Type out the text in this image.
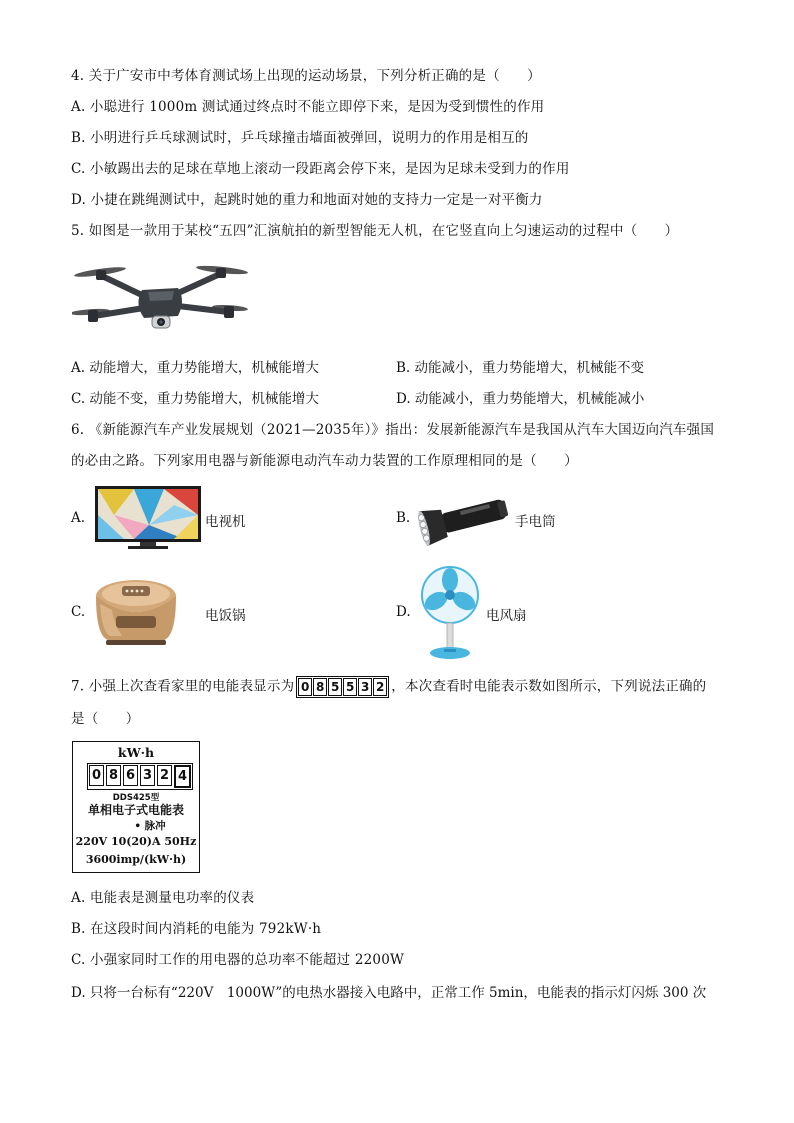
4. 关于广安市中考体育测试场上出现的运动场景，下列分析正确的是（　　）
A. 小聪进行 1000m 测试通过终点时不能立即停下来，是因为受到惯性的作用
B. 小明进行乒乓球测试时，乒乓球撞击墙面被弹回，说明力的作用是相互的
C. 小敏踢出去的足球在草地上滚动一段距离会停下来，是因为足球未受到力的作用
D. 小捷在跳绳测试中，起跳时她的重力和地面对她的支持力一定是一对平衡力
5. 如图是一款用于某校“五四”汇演航拍的新型智能无人机，在它竖直向上匀速运动的过程中（　　）
A. 动能增大，重力势能增大，机械能增大	B. 动能减小，重力势能增大，机械能不变
C. 动能不变，重力势能增大，机械能增大	D. 动能减小，重力势能增大，机械能减小
6. 《新能源汽车产业发展规划（2021—2035年）》指出：发展新能源汽车是我国从汽车大国迈向汽车强国
的必由之路。下列家用电器与新能源电动汽车动力装置的工作原理相同的是（　　）
A.	电视机	B.	手电筒
C.	电饭锅	D.	电风扇
7. 小强上次查看家里的电能表显示为 0 8 5 5 3 2 ，本次查看时电能表示数如图所示，下列说法正确的
是（　　）
kW·h
0 8 6 3 2 4
DDS425型
单相电子式电能表
• 脉冲
220V 10(20)A 50Hz
3600imp/(kW·h)
A. 电能表是测量电功率的仪表
B. 在这段时间内消耗的电能为 792kW·h
C. 小强家同时工作的用电器的总功率不能超过 2200W
D. 只将一台标有“220V　1000W”的电热水器接入电路中，正常工作 5min，电能表的指示灯闪烁 300 次
